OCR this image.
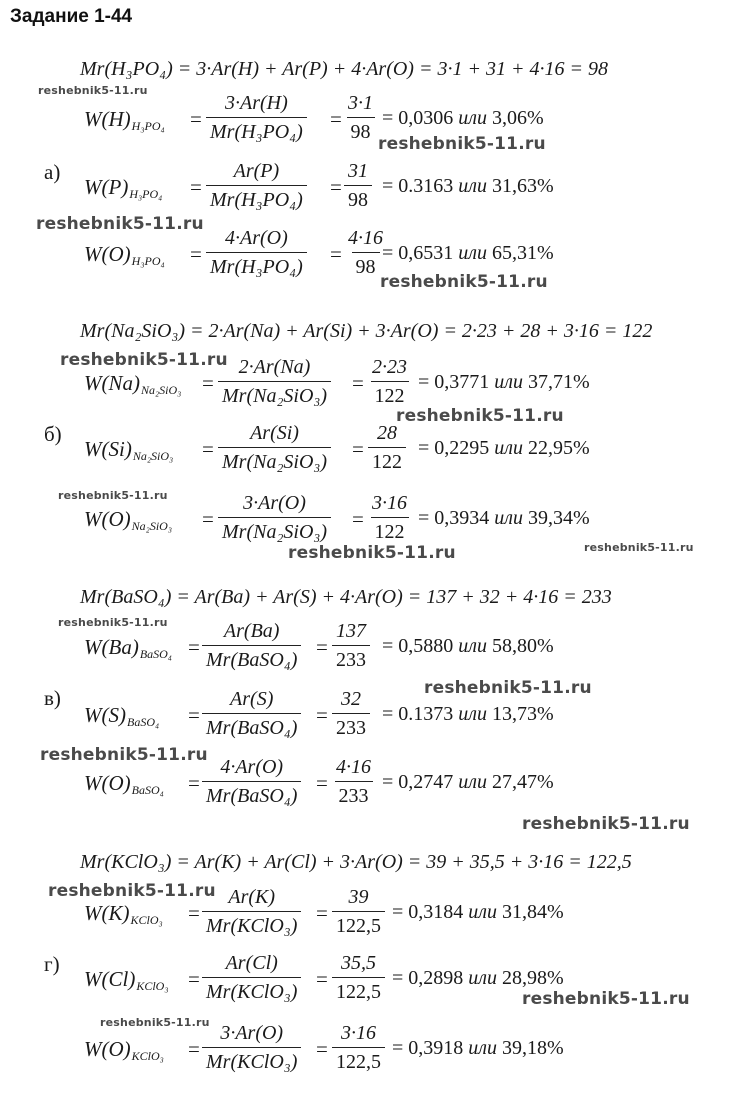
Задание 1-44
Mr(H₃PO₄) = 3·Ar(H) + Ar(P) + 4·Ar(O) = 3·1 + 31 + 4·16 = 98
а)
$W(H)H_3PO_4 = \frac{3\cdot Ar(H)}{\text{Mr(H₃PO₄)}} = \frac{3\cdot 1}{98} = 0,0306$ или 3,06%
$W(P)H_3PO_4 = \frac{Ar(P)}{\text{Mr(H₃PO₄)}} = \frac{31}{98} = 0.3163$ или 31,63%
$W(O)H_3PO_4 = \frac{4\cdot Ar(O)}{\text{Mr(H₃PO₄)}} = \frac{4\cdot 16}{98}$
= 0,6531 или 65,31%
Mr(Na₂SiO₃) = 2·Ar(Na) + Ar(Si) + 3·Ar(O) = 2·23 + 28 + 3·16 = 122
б)
W(Na)Na₂SiO₃ =
2·Ar(Na)
Mr(Na₂SiO₃)
= $\frac{2\cdot 23}{122} = 0,3771$ или 37,71%
W(Si)Na₂SiO₃ =
Ar(Si)
Mr(Na₂SiO₃)
= $\frac{28}{122} = 0,2295$ или 22,95%
W(O)Na₂SiO₃ =
3·Ar(O)
Mr(Na₂SiO₃)
= $\frac{3\cdot 16}{122} = 0,3934$ или 39,34%
Mr(BaSO₄) = Ar(Ba) + Ar(S) + 4·Ar(O) = 137 + 32 + 4·16 = 233
в)
W(Ba)BaSO₄ =
Ar(Ba)
Mr(BaSO₄)
= $\frac{137}{233} = 0,5880$ или 58,80%
W(S)BaSO₄ =
Ar(S)
Mr(BaSO₄)
= $\frac{32}{233} = 0.1373$ или 13,73%
W(O)BaSO₄ =
4·Ar(O)
Mr(BaSO₄)
= $\frac{4\cdot 16}{233} = 0,2747$ или 27,47%
Mr(KClO₃) = Ar(K) + Ar(Cl) + 3·Ar(O) = 39 + 35,5 + 3·16 = 122,5
г)
W(K)KClO₃ =
Ar(K)
Mr(KClO₃)
= $\frac{39}{122,5} = 0,3184$ или 31,84%
W(Cl)KClO₃ =
Ar(Cl)
Mr(KClO₃)
= $\frac{35,5}{122,5} = 0,2898$ или 28,98%
W(O)KClO₃ =
3·Ar(O)
Mr(KClO₃)
= $\frac{3\cdot 16}{122,5} = 0,3918$ или 39,18%
reshebnik5-11.ru
reshebnik5-11.ru
reshebnik5-11.ru
reshebnik5-11.ru
reshebnik5-11.ru
reshebnik5-11.ru
reshebnik5-11.ru
reshebnik5-11.ru	reshebnik5-11.ru
reshebnik5-11.ru
reshebnik5-11.ru
reshebnik5-11.ru
reshebnik5-11.ru
reshebnik5-11.ru
reshebnik5-11.ru
reshebnik5-11.ru
